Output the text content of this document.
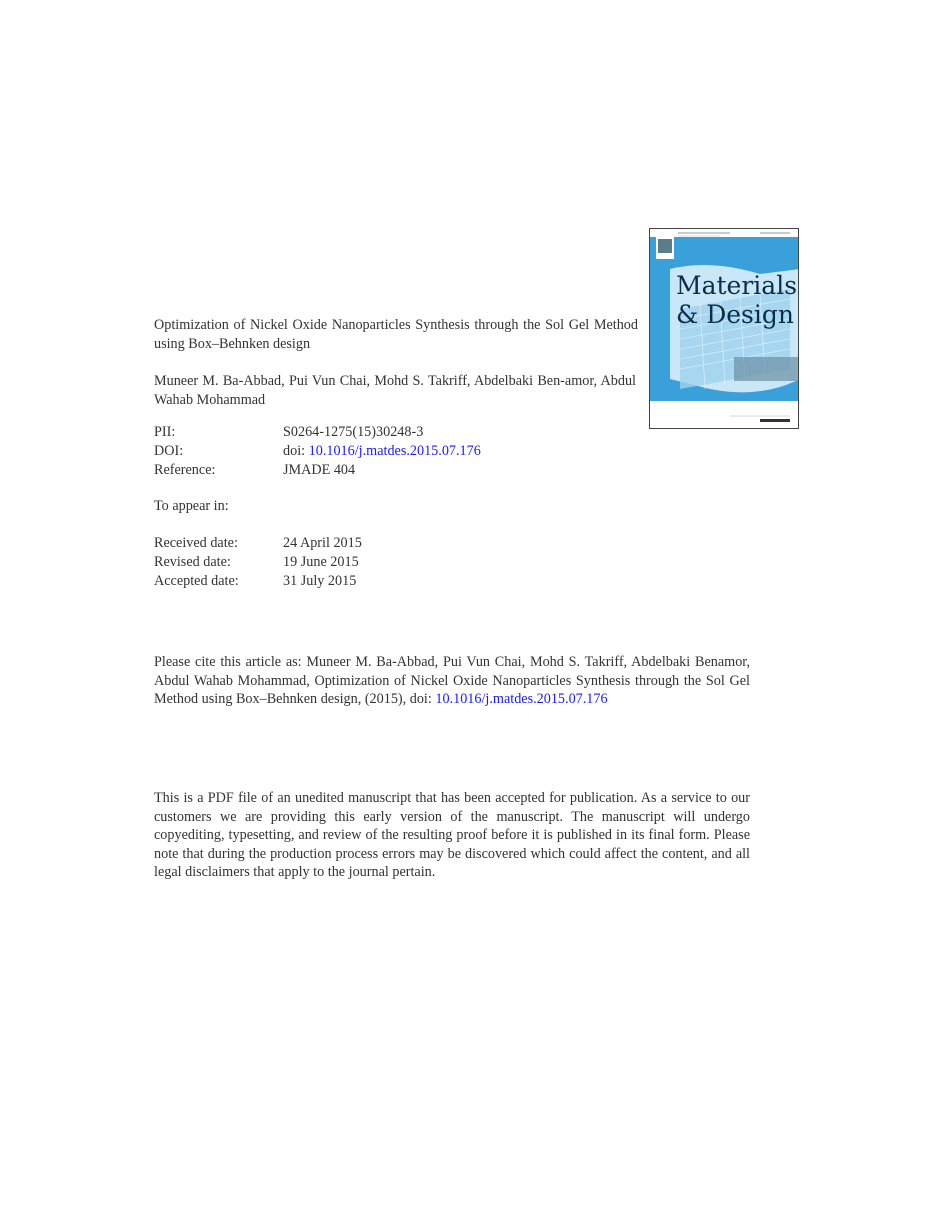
Materials
& Design
Optimization of Nickel Oxide Nanoparticles Synthesis through the Sol Gel Method using Box–Behnken design
Muneer M. Ba-Abbad, Pui Vun Chai, Mohd S. Takriff, Abdelbaki Ben-amor, Abdul Wahab Mohammad
PII:	S0264-1275(15)30248-3
DOI:	doi: 10.1016/j.matdes.2015.07.176
Reference:	JMADE 404
To appear in:
Received date:	24 April 2015
Revised date:	19 June 2015
Accepted date:	31 July 2015
Please cite this article as: Muneer M. Ba-Abbad, Pui Vun Chai, Mohd S. Takriff, Abdelbaki Benamor, Abdul Wahab Mohammad, Optimization of Nickel Oxide Nanoparticles Synthesis through the Sol Gel Method using Box–Behnken design, (2015), doi: 10.1016/j.matdes.2015.07.176
This is a PDF file of an unedited manuscript that has been accepted for publication. As a service to our customers we are providing this early version of the manuscript. The manuscript will undergo copyediting, typesetting, and review of the resulting proof before it is published in its final form. Please note that during the production process errors may be discovered which could affect the content, and all legal disclaimers that apply to the journal pertain.
